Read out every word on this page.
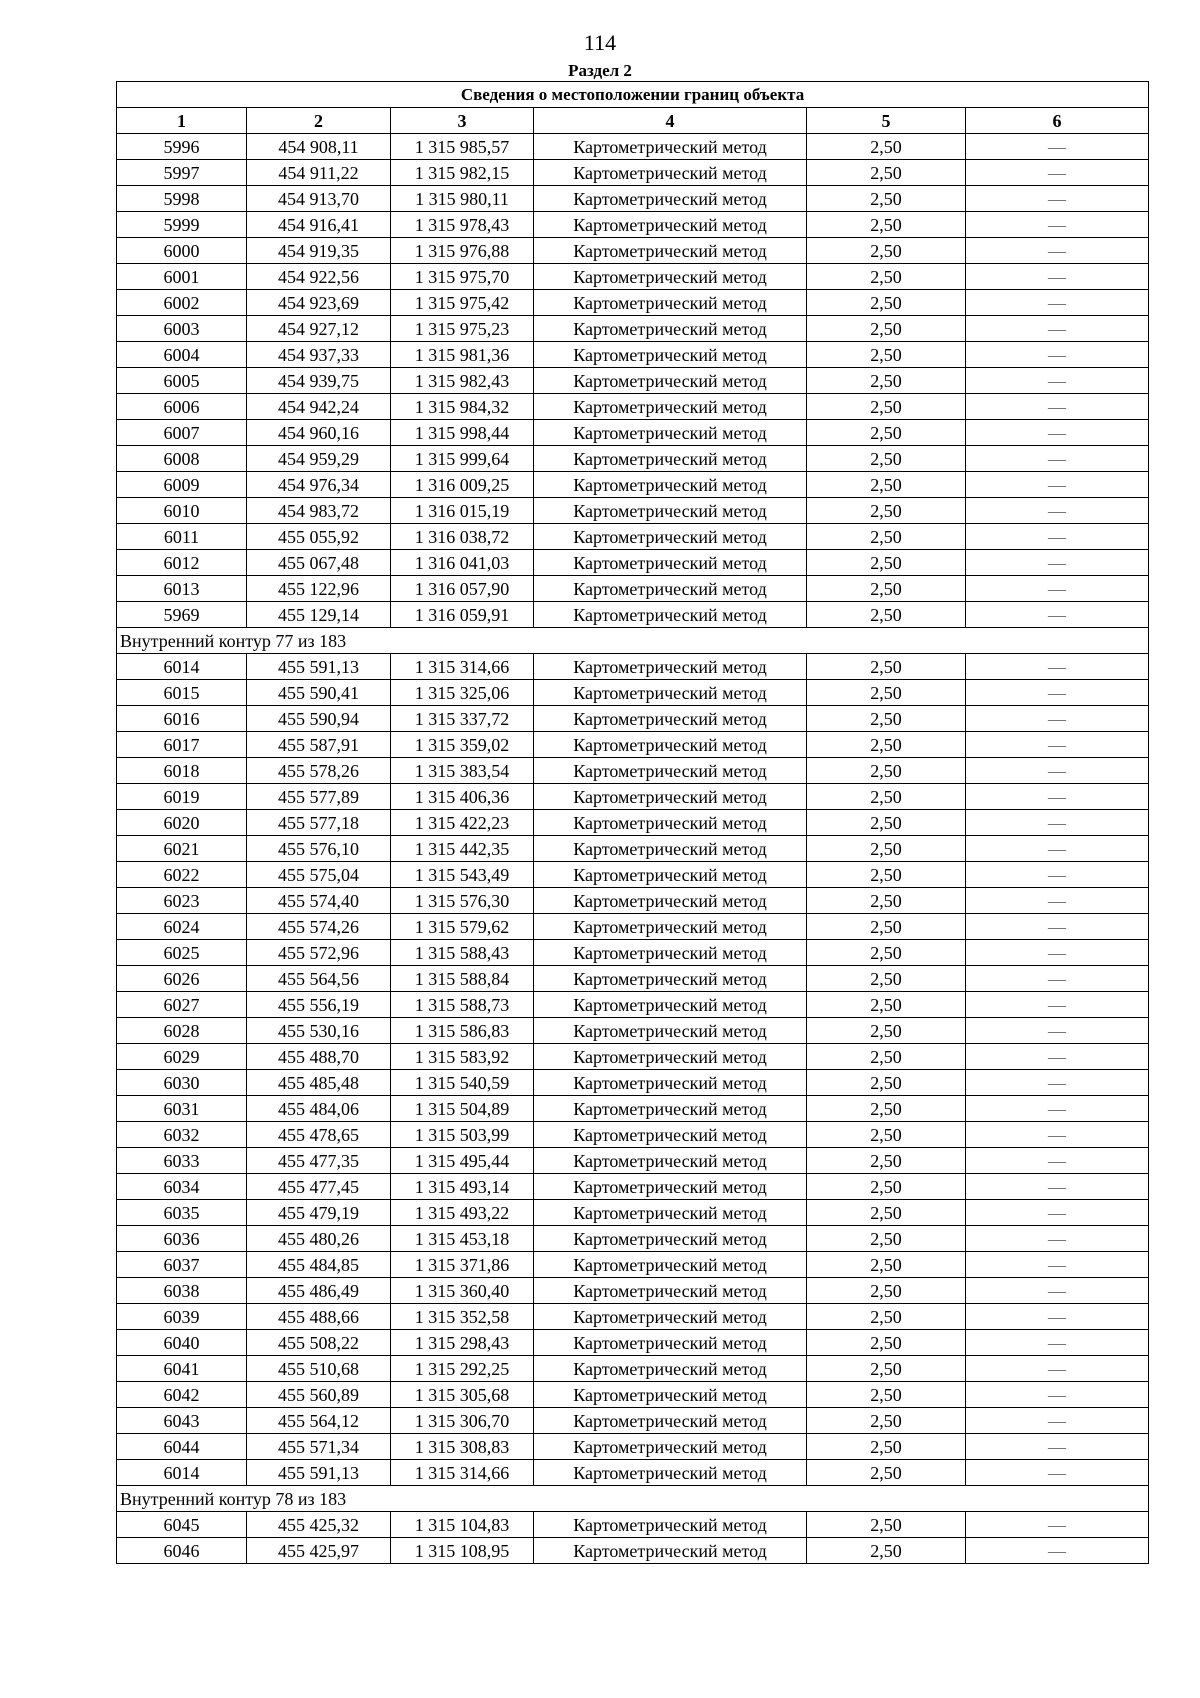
114
Раздел 2
Сведения о местоположении границ объекта					
1	2	3	4	5	6
5996	454 908,11	1 315 985,57	Картометрический метод	2,50	—
5997	454 911,22	1 315 982,15	Картометрический метод	2,50	—
5998	454 913,70	1 315 980,11	Картометрический метод	2,50	—
5999	454 916,41	1 315 978,43	Картометрический метод	2,50	—
6000	454 919,35	1 315 976,88	Картометрический метод	2,50	—
6001	454 922,56	1 315 975,70	Картометрический метод	2,50	—
6002	454 923,69	1 315 975,42	Картометрический метод	2,50	—
6003	454 927,12	1 315 975,23	Картометрический метод	2,50	—
6004	454 937,33	1 315 981,36	Картометрический метод	2,50	—
6005	454 939,75	1 315 982,43	Картометрический метод	2,50	—
6006	454 942,24	1 315 984,32	Картометрический метод	2,50	—
6007	454 960,16	1 315 998,44	Картометрический метод	2,50	—
6008	454 959,29	1 315 999,64	Картометрический метод	2,50	—
6009	454 976,34	1 316 009,25	Картометрический метод	2,50	—
6010	454 983,72	1 316 015,19	Картометрический метод	2,50	—
6011	455 055,92	1 316 038,72	Картометрический метод	2,50	—
6012	455 067,48	1 316 041,03	Картометрический метод	2,50	—
6013	455 122,96	1 316 057,90	Картометрический метод	2,50	—
5969	455 129,14	1 316 059,91	Картометрический метод	2,50	—
Внутренний контур 77 из 183					
6014	455 591,13	1 315 314,66	Картометрический метод	2,50	—
6015	455 590,41	1 315 325,06	Картометрический метод	2,50	—
6016	455 590,94	1 315 337,72	Картометрический метод	2,50	—
6017	455 587,91	1 315 359,02	Картометрический метод	2,50	—
6018	455 578,26	1 315 383,54	Картометрический метод	2,50	—
6019	455 577,89	1 315 406,36	Картометрический метод	2,50	—
6020	455 577,18	1 315 422,23	Картометрический метод	2,50	—
6021	455 576,10	1 315 442,35	Картометрический метод	2,50	—
6022	455 575,04	1 315 543,49	Картометрический метод	2,50	—
6023	455 574,40	1 315 576,30	Картометрический метод	2,50	—
6024	455 574,26	1 315 579,62	Картометрический метод	2,50	—
6025	455 572,96	1 315 588,43	Картометрический метод	2,50	—
6026	455 564,56	1 315 588,84	Картометрический метод	2,50	—
6027	455 556,19	1 315 588,73	Картометрический метод	2,50	—
6028	455 530,16	1 315 586,83	Картометрический метод	2,50	—
6029	455 488,70	1 315 583,92	Картометрический метод	2,50	—
6030	455 485,48	1 315 540,59	Картометрический метод	2,50	—
6031	455 484,06	1 315 504,89	Картометрический метод	2,50	—
6032	455 478,65	1 315 503,99	Картометрический метод	2,50	—
6033	455 477,35	1 315 495,44	Картометрический метод	2,50	—
6034	455 477,45	1 315 493,14	Картометрический метод	2,50	—
6035	455 479,19	1 315 493,22	Картометрический метод	2,50	—
6036	455 480,26	1 315 453,18	Картометрический метод	2,50	—
6037	455 484,85	1 315 371,86	Картометрический метод	2,50	—
6038	455 486,49	1 315 360,40	Картометрический метод	2,50	—
6039	455 488,66	1 315 352,58	Картометрический метод	2,50	—
6040	455 508,22	1 315 298,43	Картометрический метод	2,50	—
6041	455 510,68	1 315 292,25	Картометрический метод	2,50	—
6042	455 560,89	1 315 305,68	Картометрический метод	2,50	—
6043	455 564,12	1 315 306,70	Картометрический метод	2,50	—
6044	455 571,34	1 315 308,83	Картометрический метод	2,50	—
6014	455 591,13	1 315 314,66	Картометрический метод	2,50	—
Внутренний контур 78 из 183					
6045	455 425,32	1 315 104,83	Картометрический метод	2,50	—
6046	455 425,97	1 315 108,95	Картометрический метод	2,50	—
